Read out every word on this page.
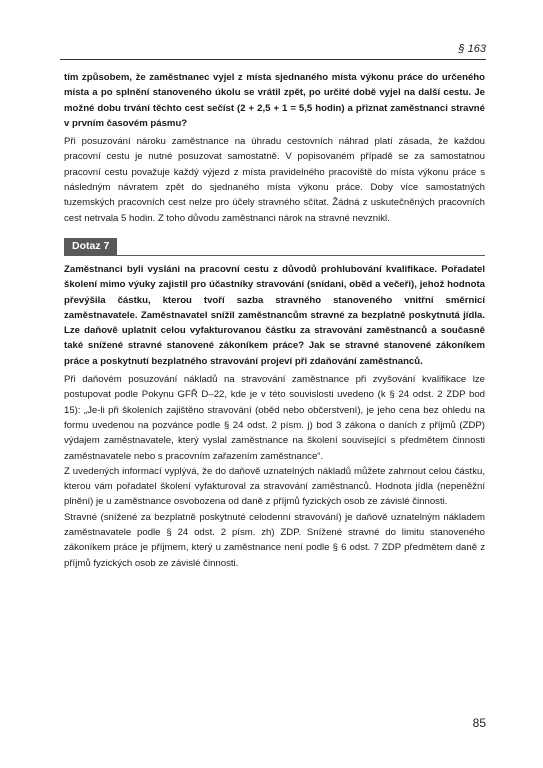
§ 163

tím způsobem, že zaměstnanec vyjel z místa sjednaného místa výkonu práce do určeného místa a po splnění stanoveného úkolu se vrátil zpět, po určité době vyjel na další cestu. Je možné dobu trvání těchto cest sečíst (2 + 2,5 + 1 = 5,5 hodin) a přiznat zaměstnanci stravné v prvním časovém pásmu?

Při posuzování nároku zaměstnance na úhradu cestovních náhrad platí zásada, že každou pracovní cestu je nutné posuzovat samostatně. V popisovaném případě se za samostatnou pracovní cestu považuje každý výjezd z místa pravidelného pracoviště do místa výkonu práce s následným návratem zpět do sjednaného místa výkonu práce. Doby více samostatných tuzemských pracovních cest nelze pro účely stravného sčítat. Žádná z uskutečněných pracovních cest netrvala 5 hodin. Z toho důvodu zaměstnanci nárok na stravné nevznikl.

Dotaz 7

Zaměstnanci byli vysláni na pracovní cestu z důvodů prohlubování kvalifikace. Pořadatel školení mimo výuky zajistil pro účastníky stravování (snídani, oběd a večeři), jehož hodnota převýšila částku, kterou tvoří sazba stravného stanoveného vnitřní směrnicí zaměstnavatele. Zaměstnavatel snížil zaměstnancům stravné za bezplatně poskytnutá jídla. Lze daňově uplatnit celou vyfakturovanou částku za stravování zaměstnanců a současně také snížené stravné stanovené zákoníkem práce? Jak se stravné stanovené zákoníkem práce a poskytnutí bezplatného stravování projeví při zdaňování zaměstnanců.

Při daňovém posuzování nákladů na stravování zaměstnance při zvyšování kvalifikace lze postupovat podle Pokynu GFŘ D–22, kde je v této souvislosti uvedeno (k § 24 odst. 2 ZDP bod 15): „Je-li při školeních zajištěno stravování (oběd nebo občerstvení), je jeho cena bez ohledu na formu uvedenou na pozvánce podle § 24 odst. 2 písm. j) bod 3 zákona o daních z příjmů (ZDP) výdajem zaměstnavatele, který vyslal zaměstnance na školení související s předmětem činnosti zaměstnavatele nebo s pracovním zařazením zaměstnance“.

Z uvedených informací vyplývá, že do daňově uznatelných nákladů můžete zahrnout celou částku, kterou vám pořadatel školení vyfakturoval za stravování zaměstnanců. Hodnota jídla (nepeněžní plnění) je u zaměstnance osvobozena od daně z příjmů fyzických osob ze závislé činnosti.

Stravné (snížené za bezplatně poskytnuté celodenní stravování) je daňově uznatelným nákladem zaměstnavatele podle § 24 odst. 2 písm. zh) ZDP. Snížené stravné do limitu stanoveného zákoníkem práce je příjmem, který u zaměstnance není podle § 6 odst. 7 ZDP předmětem daně z příjmů fyzických osob ze závislé činnosti.

85
